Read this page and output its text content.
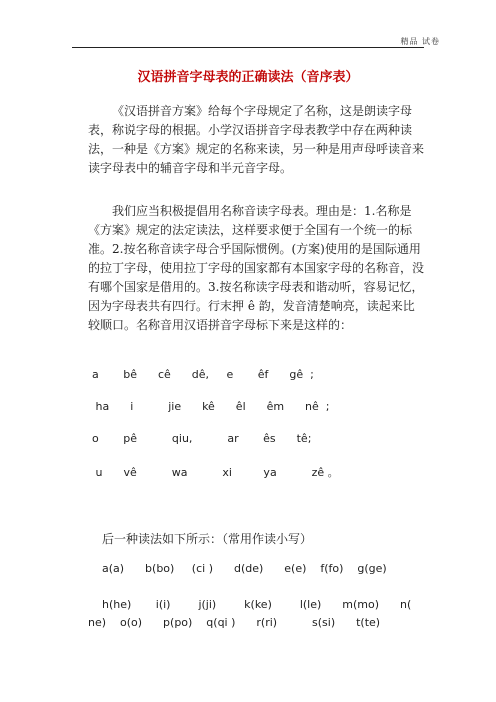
精品 试卷
汉语拼音字母表的正确读法（音序表）

《汉语拼音方案》给每个字母规定了名称，这是朗读字母表，称说字母的根据。小学汉语拼音字母表教学中存在两种读法，一种是《方案》规定的名称来读，另一种是用声母呼读音来读字母表中的辅音字母和半元音字母。

我们应当积极提倡用名称音读字母表。理由是：1.名称是《方案》规定的法定读法，这样要求便于全国有一个统一的标准。2.按名称音读字母合乎国际惯例。(方案)使用的是国际通用的拉丁字母，使用拉丁字母的国家都有本国家字母的名称音，没有哪个国家是借用的。3.按名称读字母表和谐动听，容易记忆，因为字母表共有四行。行末押 ê 韵，发音清楚响亮，读起来比较顺口。名称音用汉语拼音字母标下来是这样的：

a       bê      cê      dê,     e       êf      gê  ;
ha      i          jie      kê      êl      êm      nê  ;
o       pê          qiu,          ar       ês      tê;
u      vê          wa          xi         ya          zê 。
后一种读法如下所示：（常用作读小写）
a(a)      b(bo)     (ci )      d(de)      e(e)    f(fo)    g(ge)

h(he)       i(i)        j(ji)        k(ke)        l(le)      m(mo)      n( ne)    o(o)      p(po)    q(qi )      r(ri)          s(si)      t(te)
